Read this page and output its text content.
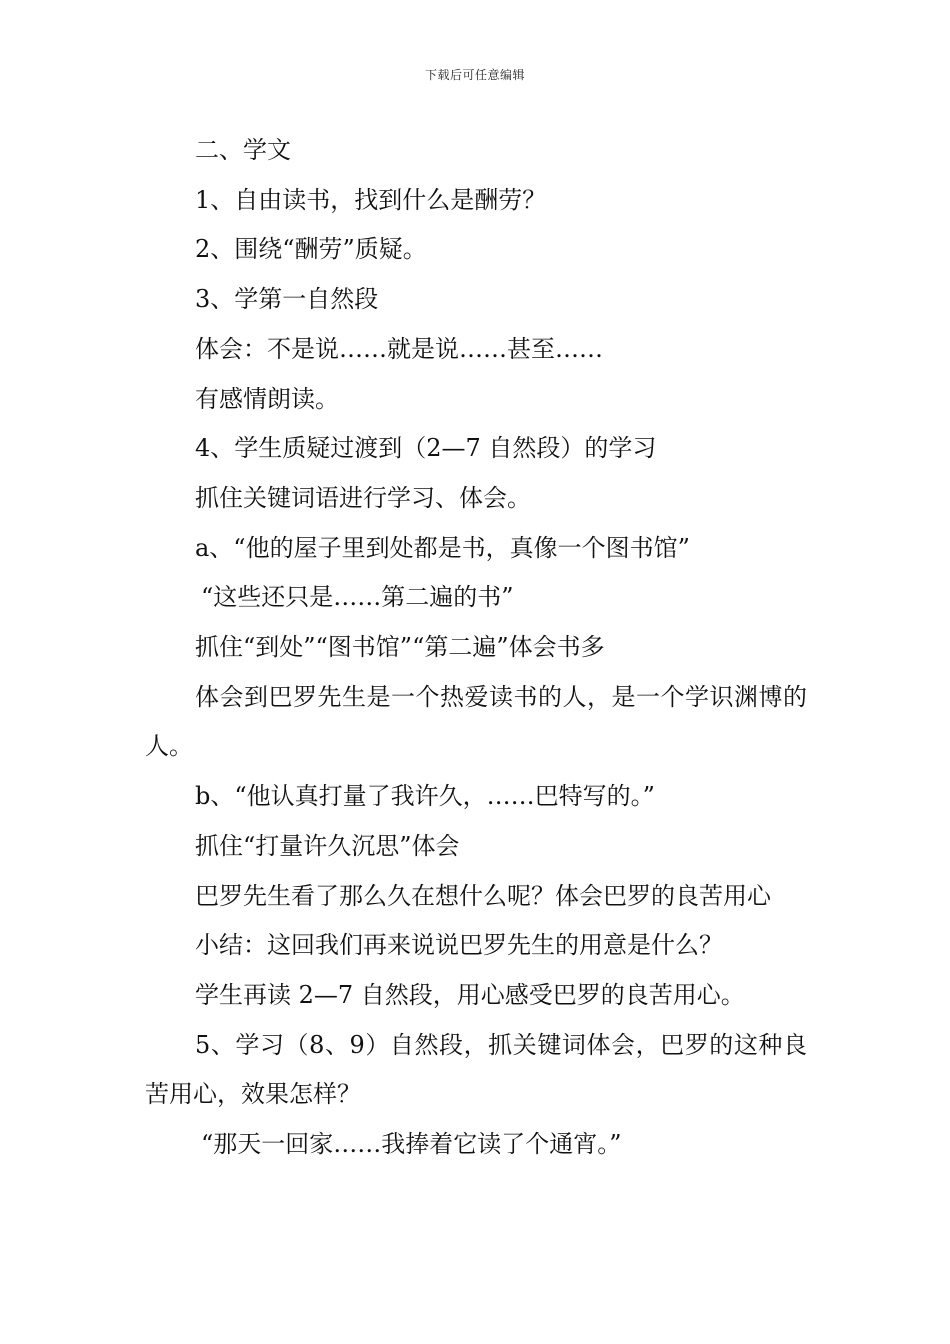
下载后可任意编辑

二、学文

1、自由读书，找到什么是酬劳？

2、围绕“酬劳”质疑。

3、学第一自然段

体会：不是说……就是说……甚至……

有感情朗读。

4、学生质疑过渡到（2—7 自然段）的学习

抓住关键词语进行学习、体会。

a、“他的屋子里到处都是书，真像一个图书馆”

“这些还只是……第二遍的书”

抓住“到处”“图书馆”“第二遍”体会书多

体会到巴罗先生是一个热爱读书的人，是一个学识渊博的人。

b、“他认真打量了我许久，……巴特写的。”

抓住“打量许久沉思”体会

巴罗先生看了那么久在想什么呢？体会巴罗的良苦用心

小结：这回我们再来说说巴罗先生的用意是什么？

学生再读 2—7 自然段，用心感受巴罗的良苦用心。

5、学习（8、9）自然段，抓关键词体会，巴罗的这种良苦用心，效果怎样？

“那天一回家……我捧着它读了个通宵。”
